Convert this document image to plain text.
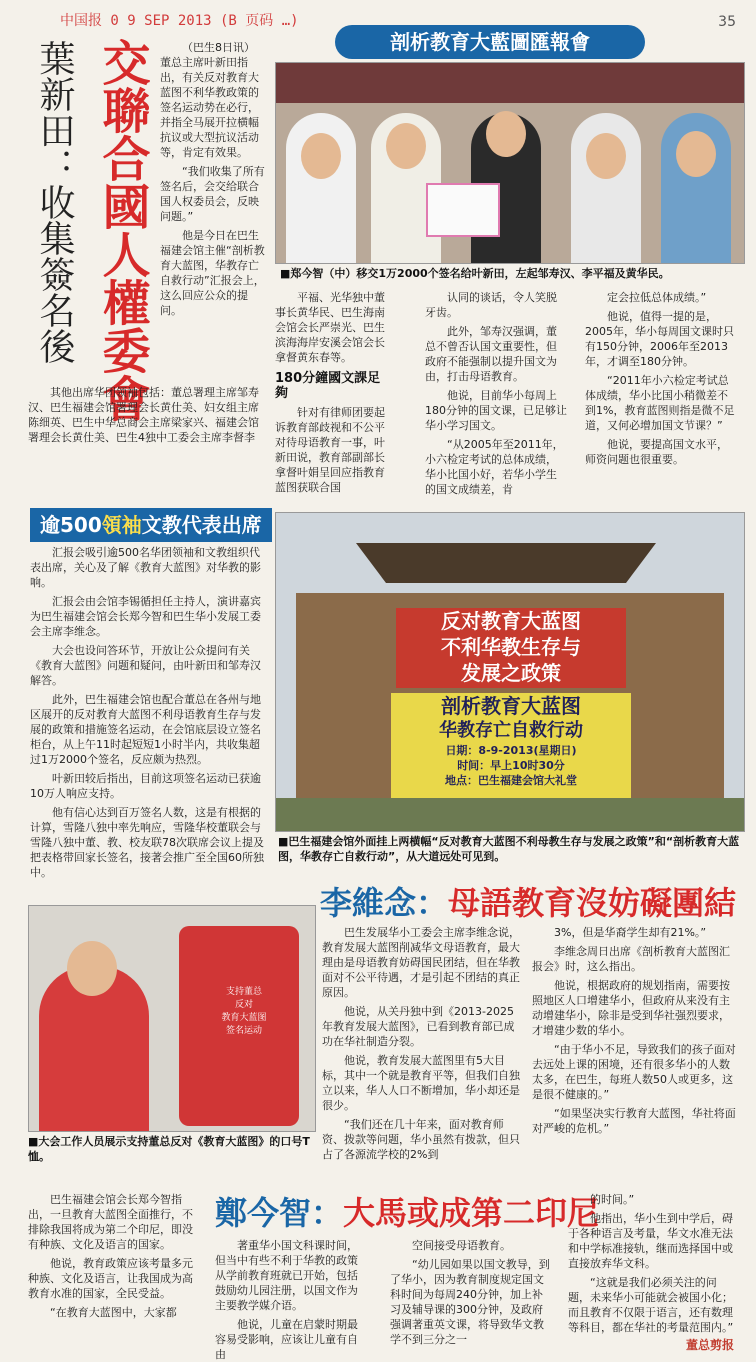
中国报 0 9 SEP 2013 (B 页码 …)	35
剖析教育大藍圖匯報會
交聯合國人權委會
葉新田：收集簽名後	（巴生8日讯）董总主席叶新田指出，有关反对教育大蓝图不利华教政策的签名运动势在必行，并指全马展开拉横幅抗议或大型抗议活动等，肯定有效果。

“我们收集了所有签名后，会交给联合国人权委员会，反映问题。”

他是今日在巴生福建会馆主催“剖析教育大蓝图，华教存亡自救行动”汇报会上，这么回应公众的提问。

其他出席华团领袖包括：董总署理主席邹寿汉、巴生福建会馆署理会长黄仕美、妇女组主席陈细英、巴生中华总商会主席梁家兴、福建会馆署理会长黄仕美、巴生4独中工委会主席李督李

■郑今智（中）移交1万2000个签名给叶新田，左起邹寿汉、李平福及黄华民。

平福、光华独中董事长黄华民、巴生海南会馆会长严崇光、巴生滨海海岸安溪会馆会长拿督黄东春等。

180分鐘國文課足夠

针对有律师团要起诉教育部歧视和不公平对待母语教育一事，叶新田说，教育部副部长拿督叶娟呈回应指教育蓝图获联合国

认同的谈话，令人笑脱牙齿。

此外，邹寿汉强调，董总不曾否认国文重要性，但政府不能强制以提升国文为由，打击母语教育。

他说，目前华小每周上180分钟的国文课，已足够让华小学习国文。

“从2005年至2011年，小六检定考试的总体成绩，华小比国小好，若华小学生的国文成绩差，肯

定会拉低总体成绩。”

他说，值得一提的是，2005年，华小每周国文课时只有150分钟，2006年至2013年，才调至180分钟。

“2011年小六检定考试总体成绩，华小比国小稍微差不到1%，教育蓝图则指是微不足道，又何必增加国文节课？”

他说，要提高国文水平，师资问题也很重要。

逾500領袖文教代表出席

汇报会吸引逾500名华团领袖和文教组织代表出席，关心及了解《教育大蓝图》对华教的影响。

汇报会由会馆李锡循担任主持人，演讲嘉宾为巴生福建会馆会长郑今智和巴生华小发展工委会主席李维念。

大会也设问答环节，开放让公众提问有关《教育大蓝图》问题和疑问，由叶新田和邹寿汉解答。

此外，巴生福建会馆也配合董总在各州与地区展开的反对教育大蓝图不利母语教育生存与发展的政策和措施签名运动，在会馆底层设立签名柜台，从上午11时起短短1小时半内，共收集超过1万2000个签名，反应颇为热烈。

叶新田较后指出，目前这项签名运动已获逾10万人响应支持。

他有信心达到百万签名人数，这是有根据的计算，雪隆八独中率先响应，雪隆华校董联会与雪隆八独中董、教、校友联78次联席会议上提及把表格带回家长签名，接著会推广至全国60所独中。

反对教育大蓝图
不利华教生存与
发展之政策
剖析教育大蓝图
华教存亡自救行动
日期：8-9-2013(星期日)
时间：早上10时30分
地点：巴生福建会馆大礼堂
■巴生福建会馆外面挂上两横幅“反对教育大蓝图不利母教生存与发展之政策”和“剖析教育大蓝图，华教存亡自救行动”，从大道远处可见到。
李維念：母語教育沒妨礙團結
支持董总
反对
教育大蓝图
签名运动
■大会工作人员展示支持董总反对《教育大蓝图》的口号T恤。

巴生发展华小工委会主席李维念说，教育发展大蓝图削减华文母语教育，最大理由是母语教育妨碍国民团结，但在华教面对不公平待遇，才是引起不团结的真正原因。

他说，从关丹独中到《2013-2025年教育发展大蓝图》，已看到教育部已成功在华社制造分裂。

他说，教育发展大蓝图里有5大目标，其中一个就是教育平等，但我们自独立以来，华人人口不断增加，华小却还是很少。

“我们还在几十年来，面对教育师资、拨款等问题，华小虽然有拨款，但只占了各源流学校的2%到

3%，但是华裔学生却有21%。”

李维念周日出席《剖析教育大蓝图汇报会》时，这么指出。

他说，根据政府的规划指南，需要按照地区人口增建华小，但政府从来没有主动增建华小，除非是受到华社强烈要求，才增建少数的华小。

“由于华小不足，导致我们的孩子面对去远处上课的困境，还有很多华小的人数太多，在巴生，每班人数50人或更多，这是很不健康的。”

“如果坚决实行教育大蓝图，华社将面对严峻的危机。”

鄭今智：大馬或成第二印尼

巴生福建会馆会长郑今智指出，一旦教育大蓝图全面推行，不排除我国将成为第二个印尼，即没有种族、文化及语言的国家。

他说，教育政策应该考量多元种族、文化及语言，让我国成为高教育水准的国家，全民受益。

“在教育大蓝图中，大家都

著重华小国文科课时间，但当中有些不利于华教的政策从学前教育班就已开始，包括鼓励幼儿园注册，以国文作为主要教学媒介语。

他说，儿童在启蒙时期最容易受影响，应该让儿童有自由

空间接受母语教育。

“幼儿园如果以国文教导，到了华小，因为教育制度规定国文科时间为每周240分钟，加上补习及辅导课的300分钟，及政府强调著重英文课，将导致华文教学不到三分之一

的时间。”

他指出，华小生到中学后，碍于各种语言及考量，华文水准无法和中学标准接轨，继而选择国中或直接放弃华文科。

“这就是我们必须关注的问题，未来华小可能就会被国小化；而且教育不仅限于语言，还有数理等科目，都在华社的考量范围内。”

董总剪报
